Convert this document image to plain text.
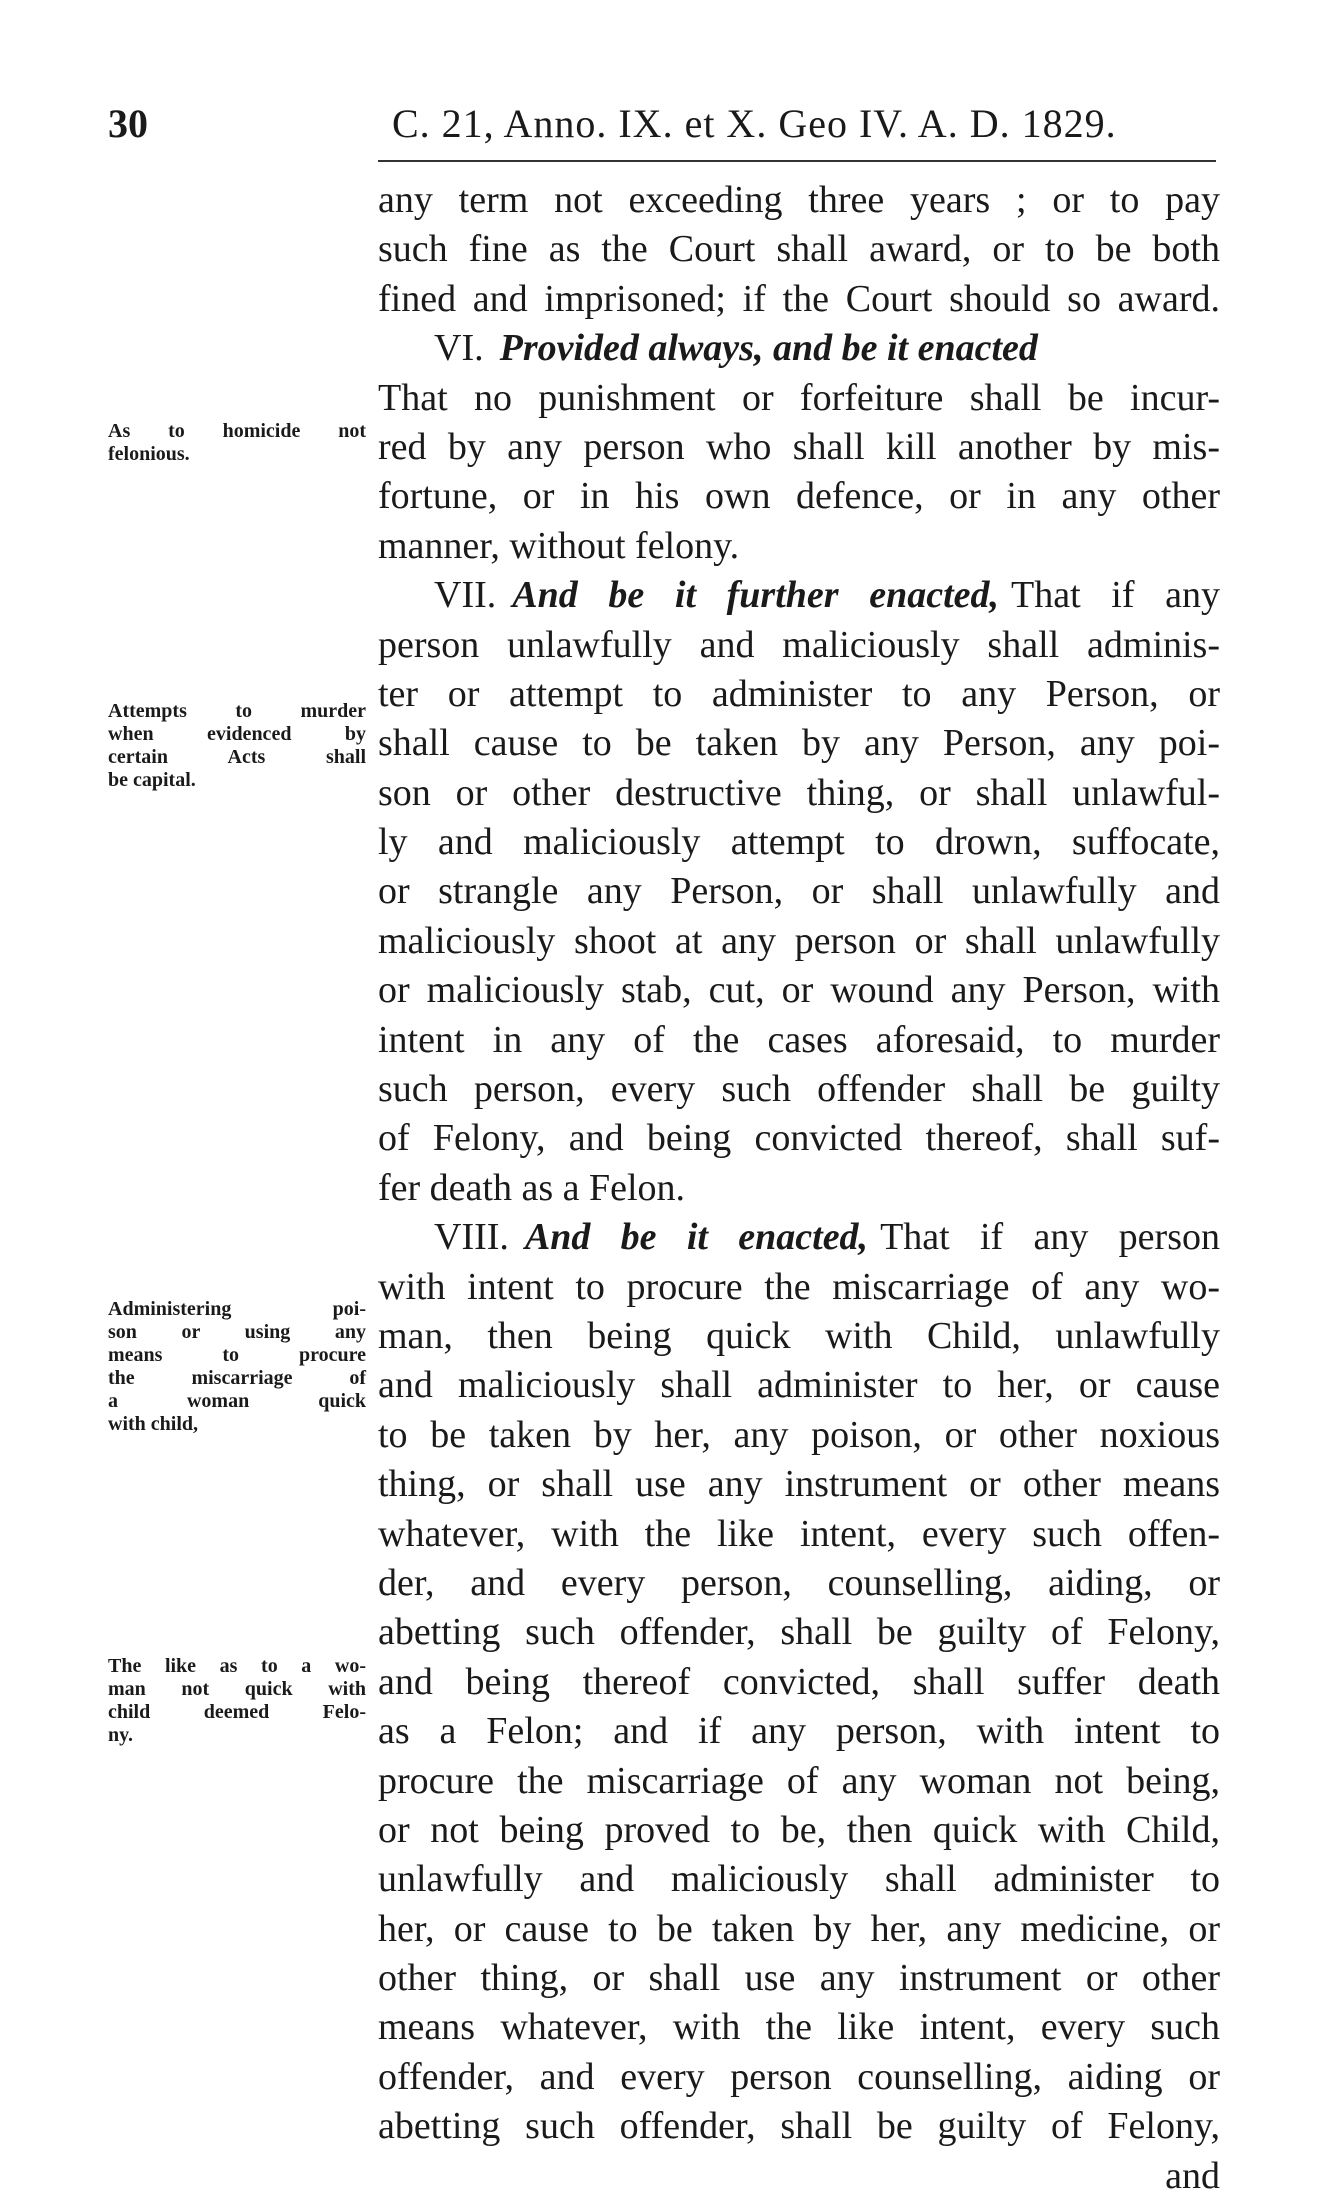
30	C. 21, Anno. IX. et X. Geo IV. A. D. 1829.
As to homicide not
felonious.
Attempts to murder
when evidenced by
certain Acts shall
be capital.
Administering poi-
son or using any
means to procure
the miscarriage of
a woman quick
with child,
The like as to a wo-
man not quick with
child deemed Felo-
ny.
any term not exceeding three years ; or to pay
such fine as the Court shall award, or to be both
fined and imprisoned; if the Court should so award.
VI. Provided always, and be it enacted
That no punishment or forfeiture shall be incur-
red by any person who shall kill another by mis-
fortune, or in his own defence, or in any other
manner, without felony.
VII. And be it further enacted, That if any
person unlawfully and maliciously shall adminis-
ter or attempt to administer to any Person, or
shall cause to be taken by any Person, any poi-
son or other destructive thing, or shall unlawful-
ly and maliciously attempt to drown, suffocate,
or strangle any Person, or shall unlawfully and
maliciously shoot at any person or shall unlawfully
or maliciously stab, cut, or wound any Person, with
intent in any of the cases aforesaid, to murder
such person, every such offender shall be guilty
of Felony, and being convicted thereof, shall suf-
fer death as a Felon.
VIII. And be it enacted, That if any person
with intent to procure the miscarriage of any wo-
man, then being quick with Child, unlawfully
and maliciously shall administer to her, or cause
to be taken by her, any poison, or other noxious
thing, or shall use any instrument or other means
whatever, with the like intent, every such offen-
der, and every person, counselling, aiding, or
abetting such offender, shall be guilty of Felony,
and being thereof convicted, shall suffer death
as a Felon; and if any person, with intent to
procure the miscarriage of any woman not being,
or not being proved to be, then quick with Child,
unlawfully and maliciously shall administer to
her, or cause to be taken by her, any medicine, or
other thing, or shall use any instrument or other
means whatever, with the like intent, every such
offender, and every person counselling, aiding or
abetting such offender, shall be guilty of Felony,
and
